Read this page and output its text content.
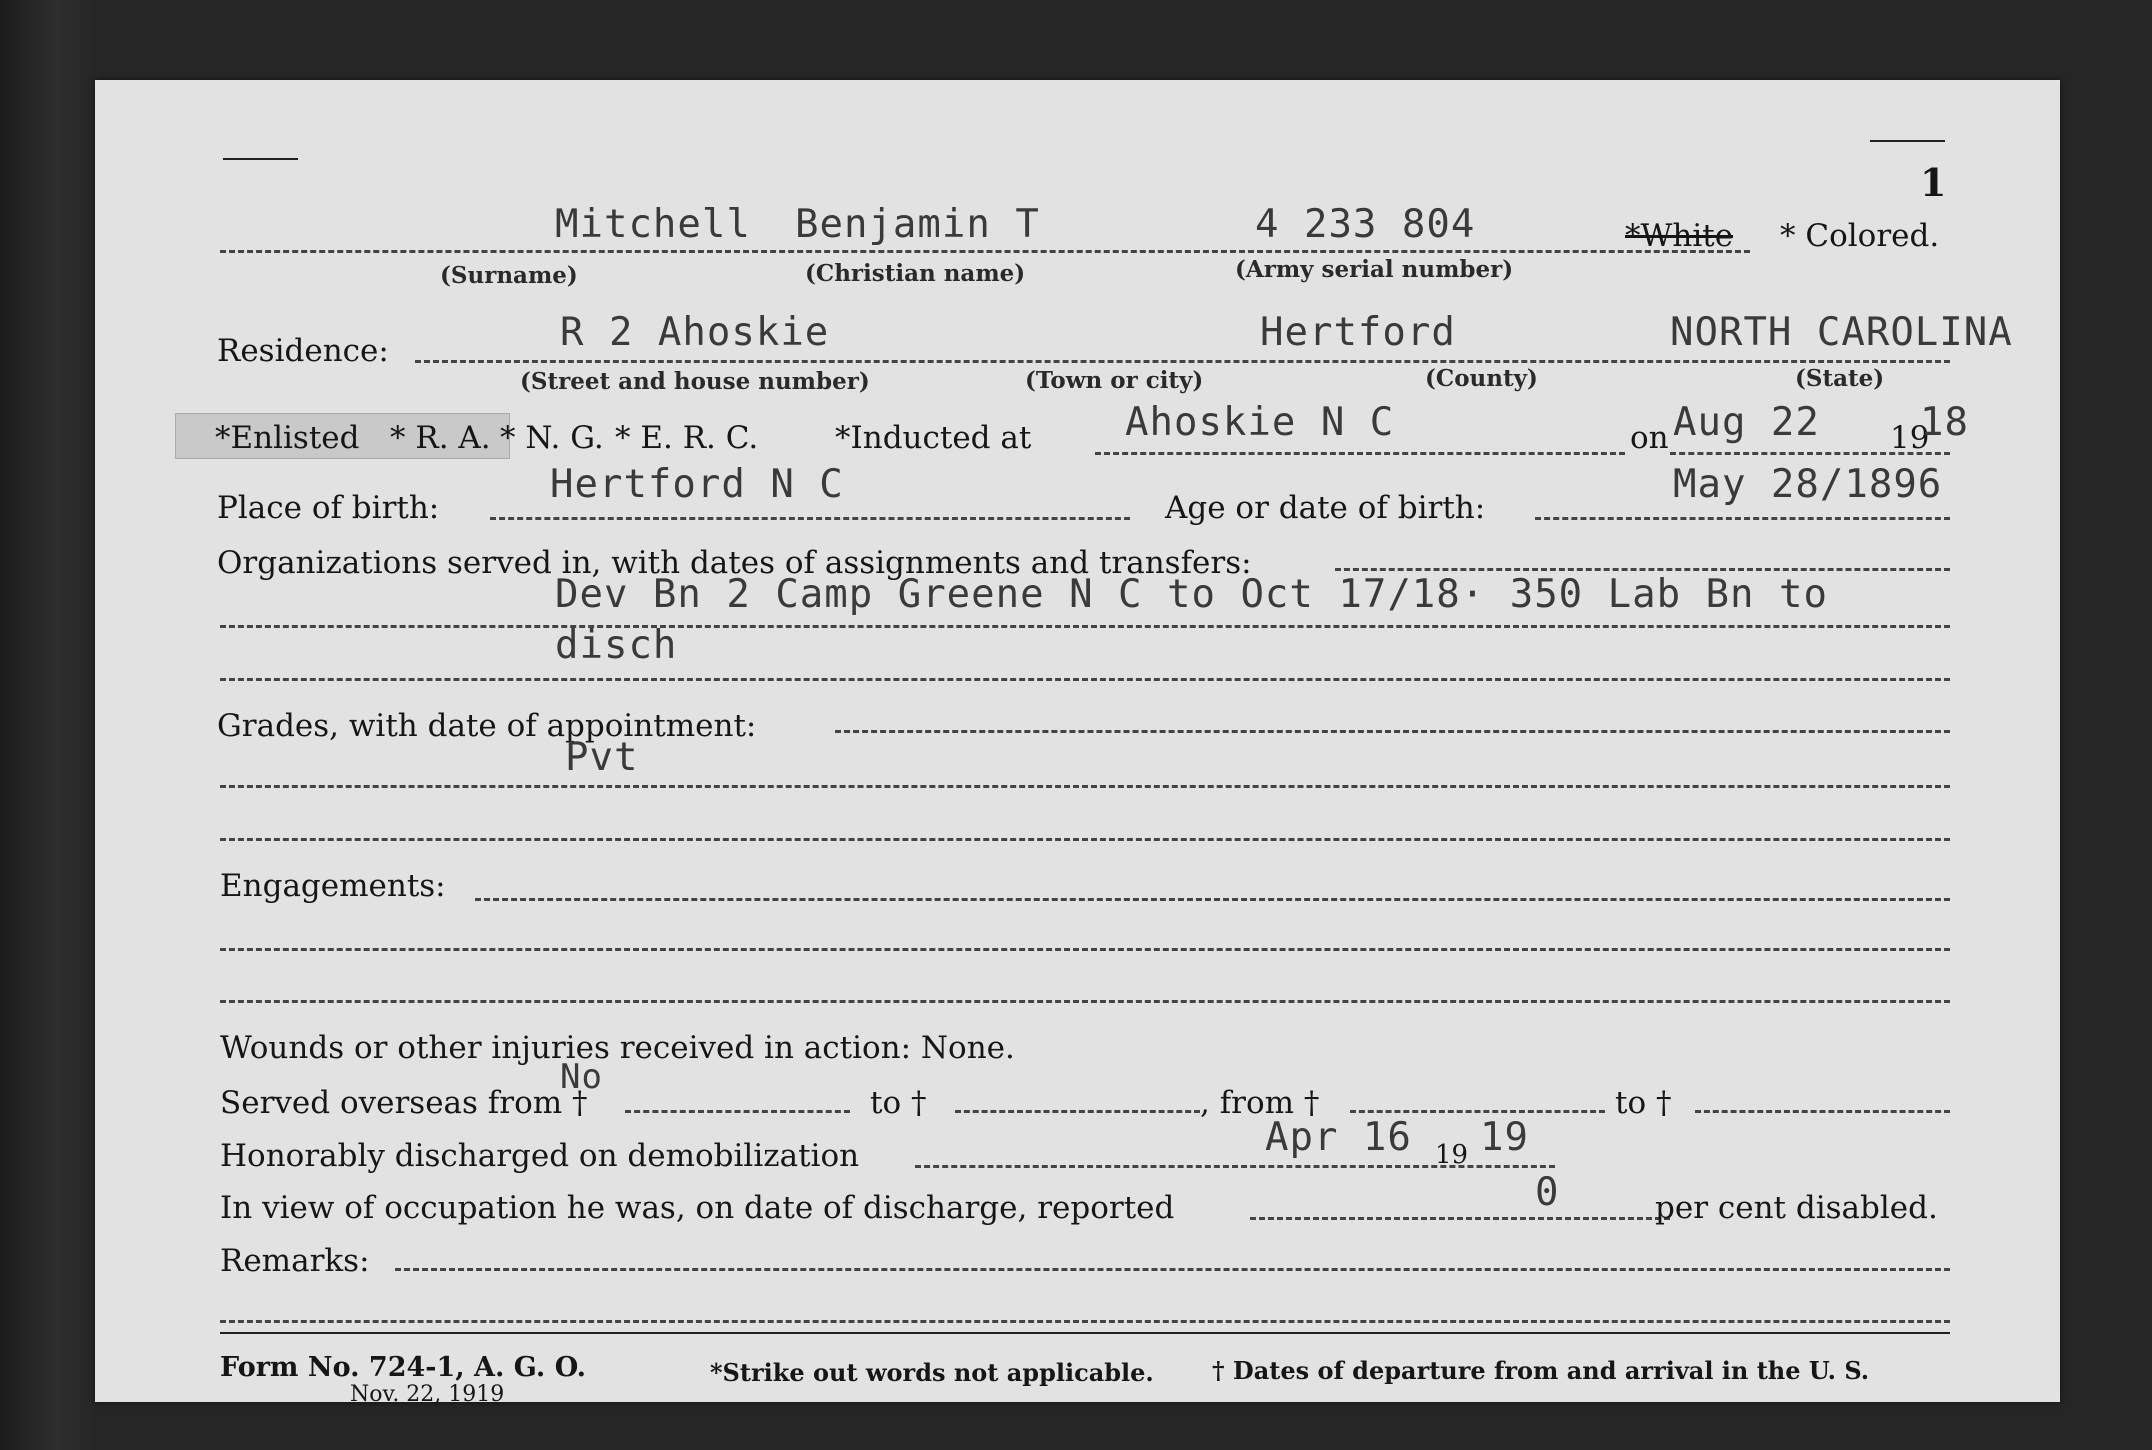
1
Mitchell Benjamin T	4 233 804	*White * Colored.
(Surname)	(Christian name)	(Army serial number)
Residence:	R 2 Ahoskie	Hertford	NORTH CAROLINA
(Street and house number)	(Town or city)	(County)	(State)
*Enlisted * R. A. * N. G. * E. R. C. *Inducted at Ahoskie N C	on Aug 22 19
18
Place of birth:
Hertford N C
Age or date of birth:
May 28/1896
Organizations served in, with dates of assignments and transfers:
Dev Bn 2 Camp Greene N C to Oct 17/18· 350 Lab Bn to
disch
Grades, with date of appointment:
Pvt
Engagements:
Wounds or other injuries received in action: None.
Served overseas from †
No
to †	, from †	to †
Honorably discharged on demobilization	Apr 16 19 19
In view of occupation he was, on date of discharge, reported	0	per cent disabled.
Remarks:
Form No. 724-1, A. G. O.
Nov. 22, 1919
*Strike out words not applicable. † Dates of departure from and arrival in the U. S.
